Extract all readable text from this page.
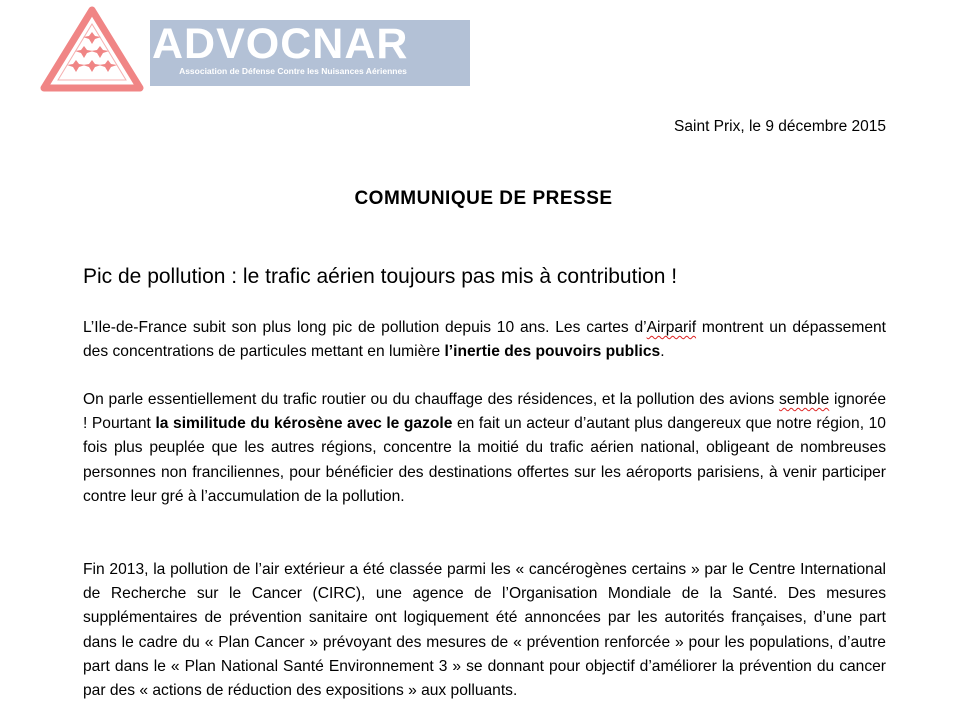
ADVOCNAR
Association de Défense Contre les Nuisances Aériennes
Saint Prix, le 9 décembre 2015
COMMUNIQUE DE PRESSE
Pic de pollution : le trafic aérien toujours pas mis à contribution !

L’Ile-de-France subit son plus long pic de pollution depuis 10 ans. Les cartes d’Airparif montrent un dépassement des concentrations de particules mettant en lumière l’inertie des pouvoirs publics.

On parle essentiellement du trafic routier ou du chauffage des résidences, et la pollution des avions semble ignorée ! Pourtant la similitude du kérosène avec le gazole en fait un acteur d’autant plus dangereux que notre région, 10 fois plus peuplée que les autres régions, concentre la moitié du trafic aérien national, obligeant de nombreuses personnes non franciliennes, pour bénéficier des destinations offertes sur les aéroports parisiens, à venir participer contre leur gré à l’accumulation de la pollution.

Fin 2013, la pollution de l’air extérieur a été classée parmi les « cancérogènes certains » par le Centre International de Recherche sur le Cancer (CIRC), une agence de l’Organisation Mondiale de la Santé. Des mesures supplémentaires de prévention sanitaire ont logiquement été annoncées par les autorités françaises, d’une part dans le cadre du « Plan Cancer » prévoyant des mesures de « prévention renforcée » pour les populations, d’autre part dans le « Plan National Santé Environnement 3 » se donnant pour objectif d’améliorer la prévention du cancer par des « actions de réduction des expositions » aux polluants.
